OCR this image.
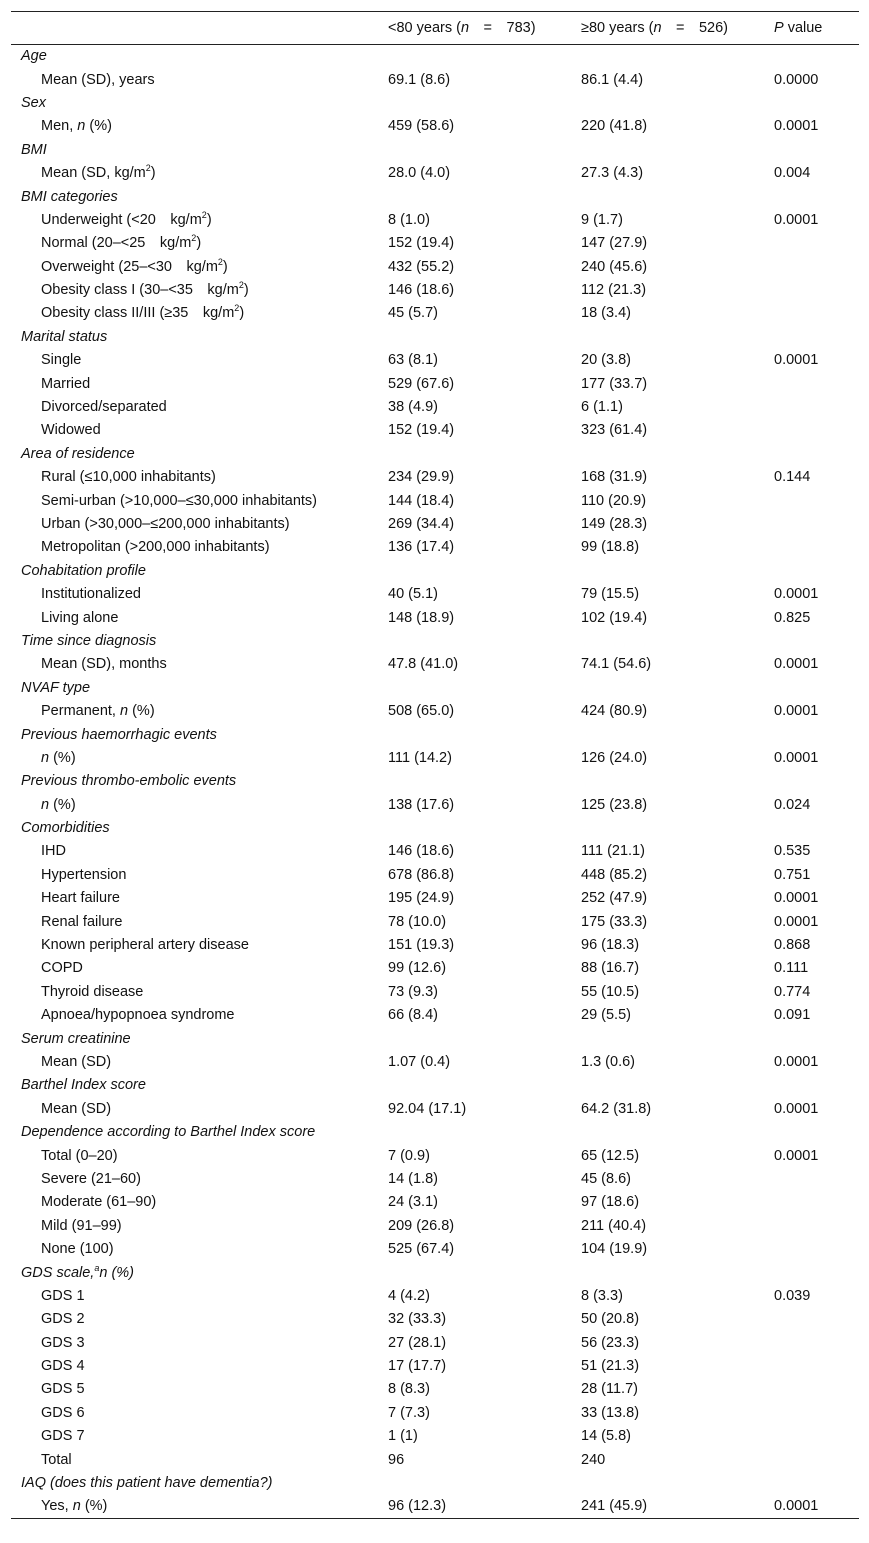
	<80 years (n = 783)	≥80 years (n = 526)	P value
Age			
Mean (SD), years	69.1 (8.6)	86.1 (4.4)	0.0000
Sex			
Men, n (%)	459 (58.6)	220 (41.8)	0.0001
BMI			
Mean (SD, $kg/m^2$)	28.0 (4.0)	27.3 (4.3)	0.004
BMI categories			
Underweight (<20 $kg/m^2$)	8 (1.0)	9 (1.7)	0.0001
Normal (20–<25 $kg/m^2$)	152 (19.4)	147 (27.9)	
Overweight (25–<30 $kg/m^2$)	432 (55.2)	240 (45.6)	
Obesity class I (30–<35 $kg/m^2$)	146 (18.6)	112 (21.3)	
Obesity class II/III (≥35 $kg/m^2$)	45 (5.7)	18 (3.4)	
Marital status			
Single	63 (8.1)	20 (3.8)	0.0001
Married	529 (67.6)	177 (33.7)	
Divorced/separated	38 (4.9)	6 (1.1)	
Widowed	152 (19.4)	323 (61.4)	
Area of residence			
Rural (≤10,000 inhabitants)	234 (29.9)	168 (31.9)	0.144
Semi-urban (>10,000–≤30,000 inhabitants)	144 (18.4)	110 (20.9)	
Urban (>30,000–≤200,000 inhabitants)	269 (34.4)	149 (28.3)	
Metropolitan (>200,000 inhabitants)	136 (17.4)	99 (18.8)	
Cohabitation profile			
Institutionalized	40 (5.1)	79 (15.5)	0.0001
Living alone	148 (18.9)	102 (19.4)	0.825
Time since diagnosis			
Mean (SD), months	47.8 (41.0)	74.1 (54.6)	0.0001
NVAF type			
Permanent, n (%)	508 (65.0)	424 (80.9)	0.0001
Previous haemorrhagic events			
n (%)	111 (14.2)	126 (24.0)	0.0001
Previous thrombo-embolic events			
n (%)	138 (17.6)	125 (23.8)	0.024
Comorbidities			
IHD	146 (18.6)	111 (21.1)	0.535
Hypertension	678 (86.8)	448 (85.2)	0.751
Heart failure	195 (24.9)	252 (47.9)	0.0001
Renal failure	78 (10.0)	175 (33.3)	0.0001
Known peripheral artery disease	151 (19.3)	96 (18.3)	0.868
COPD	99 (12.6)	88 (16.7)	0.111
Thyroid disease	73 (9.3)	55 (10.5)	0.774
Apnoea/hypopnoea syndrome	66 (8.4)	29 (5.5)	0.091
Serum creatinine			
Mean (SD)	1.07 (0.4)	1.3 (0.6)	0.0001
Barthel Index score			
Mean (SD)	92.04 (17.1)	64.2 (31.8)	0.0001
Dependence according to Barthel Index score			
Total (0–20)	7 (0.9)	65 (12.5)	0.0001
Severe (21–60)	14 (1.8)	45 (8.6)	
Moderate (61–90)	24 (3.1)	97 (18.6)	
Mild (91–99)	209 (26.8)	211 (40.4)	
None (100)	525 (67.4)	104 (19.9)	
GDS scale,$^a$n (%)			
GDS 1	4 (4.2)	8 (3.3)	0.039
GDS 2	32 (33.3)	50 (20.8)	
GDS 3	27 (28.1)	56 (23.3)	
GDS 4	17 (17.7)	51 (21.3)	
GDS 5	8 (8.3)	28 (11.7)	
GDS 6	7 (7.3)	33 (13.8)	
GDS 7	1 (1)	14 (5.8)	
Total	96	240	
IAQ (does this patient have dementia?)			
Yes, n (%)	96 (12.3)	241 (45.9)	0.0001
